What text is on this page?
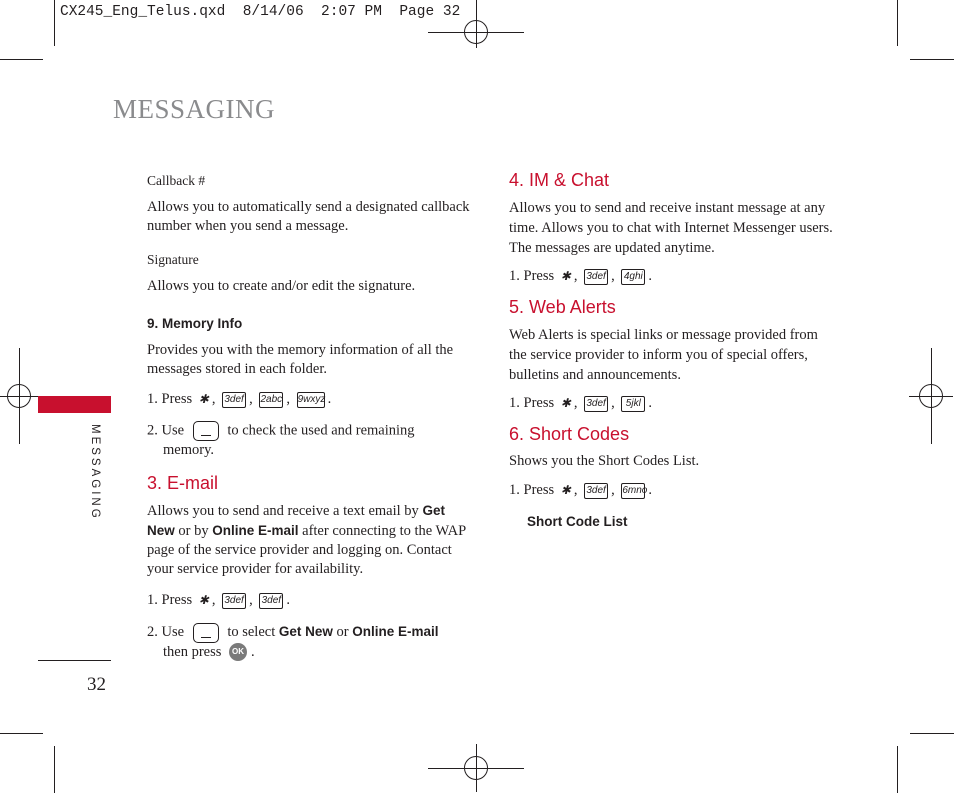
CX245_Eng_Telus.qxd  8/14/06  2:07 PM  Page 32
MESSAGING
MESSAGING
32

Callback #

Allows you to automatically send a designated callback number when you send a message.

Signature

Allows you to create and/or edit the signature.

9. Memory Info

Provides you with the memory information of all the messages stored in each folder.

1. Press ✱ , 3def , 2abc , 9wxyz .

2. Use	to check the used and remaining
memory.

3. E-mail

Allows you to send and receive a text email by Get New or by Online E-mail after connecting to the WAP page of the service provider and logging on. Contact your service provider for availability.

1. Press ✱ , 3def , 3def .

2. Use	to select Get New or Online E-mail
then press OK .

4. IM & Chat

Allows you to send and receive instant message at any time. Allows you to chat with Internet Messenger users. The messages are updated anytime.

1. Press ✱ , 3def , 4ghi .

5. Web Alerts

Web Alerts is special links or message provided from the service provider to inform you of special offers, bulletins and announcements.

1. Press ✱ , 3def , 5jkl .

6. Short Codes

Shows you the Short Codes List.

1. Press ✱ , 3def , 6mno.

Short Code List
